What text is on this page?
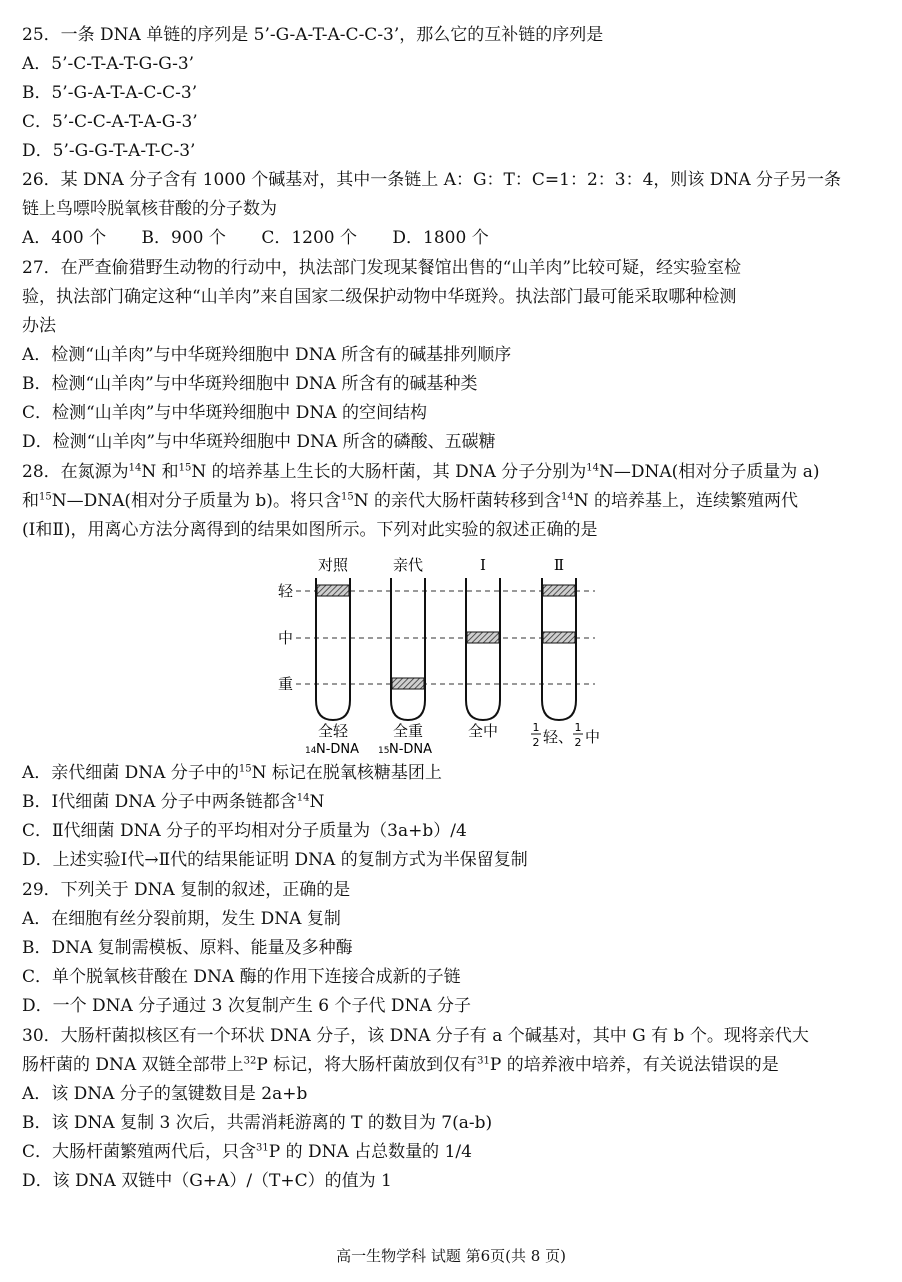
25．一条 DNA 单链的序列是 5’-G-A-T-A-C-C-3’，那么它的互补链的序列是
A．5’-C-T-A-T-G-G-3’
B．5’-G-A-T-A-C-C-3’
C．5’-C-C-A-T-A-G-3’
D．5’-G-G-T-A-T-C-3’
26．某 DNA 分子含有 1000 个碱基对，其中一条链上 A：G：T：C=1：2：3：4，则该 DNA 分子另一条
链上鸟嘌呤脱氧核苷酸的分子数为
A．400 个 B．900 个 C．1200 个 D．1800 个
27．在严查偷猎野生动物的行动中，执法部门发现某餐馆出售的“山羊肉”比较可疑，经实验室检
验，执法部门确定这种“山羊肉”来自国家二级保护动物中华斑羚。执法部门最可能采取哪种检测
办法
A．检测“山羊肉”与中华斑羚细胞中 DNA 所含有的碱基排列顺序
B．检测“山羊肉”与中华斑羚细胞中 DNA 所含有的碱基种类
C．检测“山羊肉”与中华斑羚细胞中 DNA 的空间结构
D．检测“山羊肉”与中华斑羚细胞中 DNA 所含的磷酸、五碳糖
28．在氮源为$^{14}$N 和$^{15}$N 的培养基上生长的大肠杆菌，其 DNA 分子分别为$^{14}$N—DNA(相对分子质量为 a)
和$^{15}$N—DNA(相对分子质量为 b)。将只含$^{15}$N 的亲代大肠杆菌转移到含$^{14}$N 的培养基上，连续繁殖两代
(Ⅰ和Ⅱ)，用离心方法分离得到的结果如图所示。下列对此实验的叙述正确的是
对照	亲代	Ⅰ	Ⅱ
轻
中
重
全轻	全重	全中
14 N-DNA 15 N-DNA
1
2 轻、
1
2 中
A．亲代细菌 DNA 分子中的$^{15}$N 标记在脱氧核糖基团上
B．Ⅰ代细菌 DNA 分子中两条链都含$^{14}$N
C．Ⅱ代细菌 DNA 分子的平均相对分子质量为（3a+b）/4
D．上述实验Ⅰ代→Ⅱ代的结果能证明 DNA 的复制方式为半保留复制
29．下列关于 DNA 复制的叙述，正确的是
A．在细胞有丝分裂前期，发生 DNA 复制
B．DNA 复制需模板、原料、能量及多种酶
C．单个脱氧核苷酸在 DNA 酶的作用下连接合成新的子链
D．一个 DNA 分子通过 3 次复制产生 6 个子代 DNA 分子
30．大肠杆菌拟核区有一个环状 DNA 分子，该 DNA 分子有 a 个碱基对，其中 G 有 b 个。现将亲代大
肠杆菌的 DNA 双链全部带上$^{32}$P 标记，将大肠杆菌放到仅有$^{31}$P 的培养液中培养，有关说法错误的是
A．该 DNA 分子的氢键数目是 2a+b
B．该 DNA 复制 3 次后，共需消耗游离的 T 的数目为 7(a-b)
C．大肠杆菌繁殖两代后，只含$^{31}$P 的 DNA 占总数量的 1/4
D．该 DNA 双链中（G+A）/（T+C）的值为 1
高一生物学科 试题 第6页(共 8 页)
